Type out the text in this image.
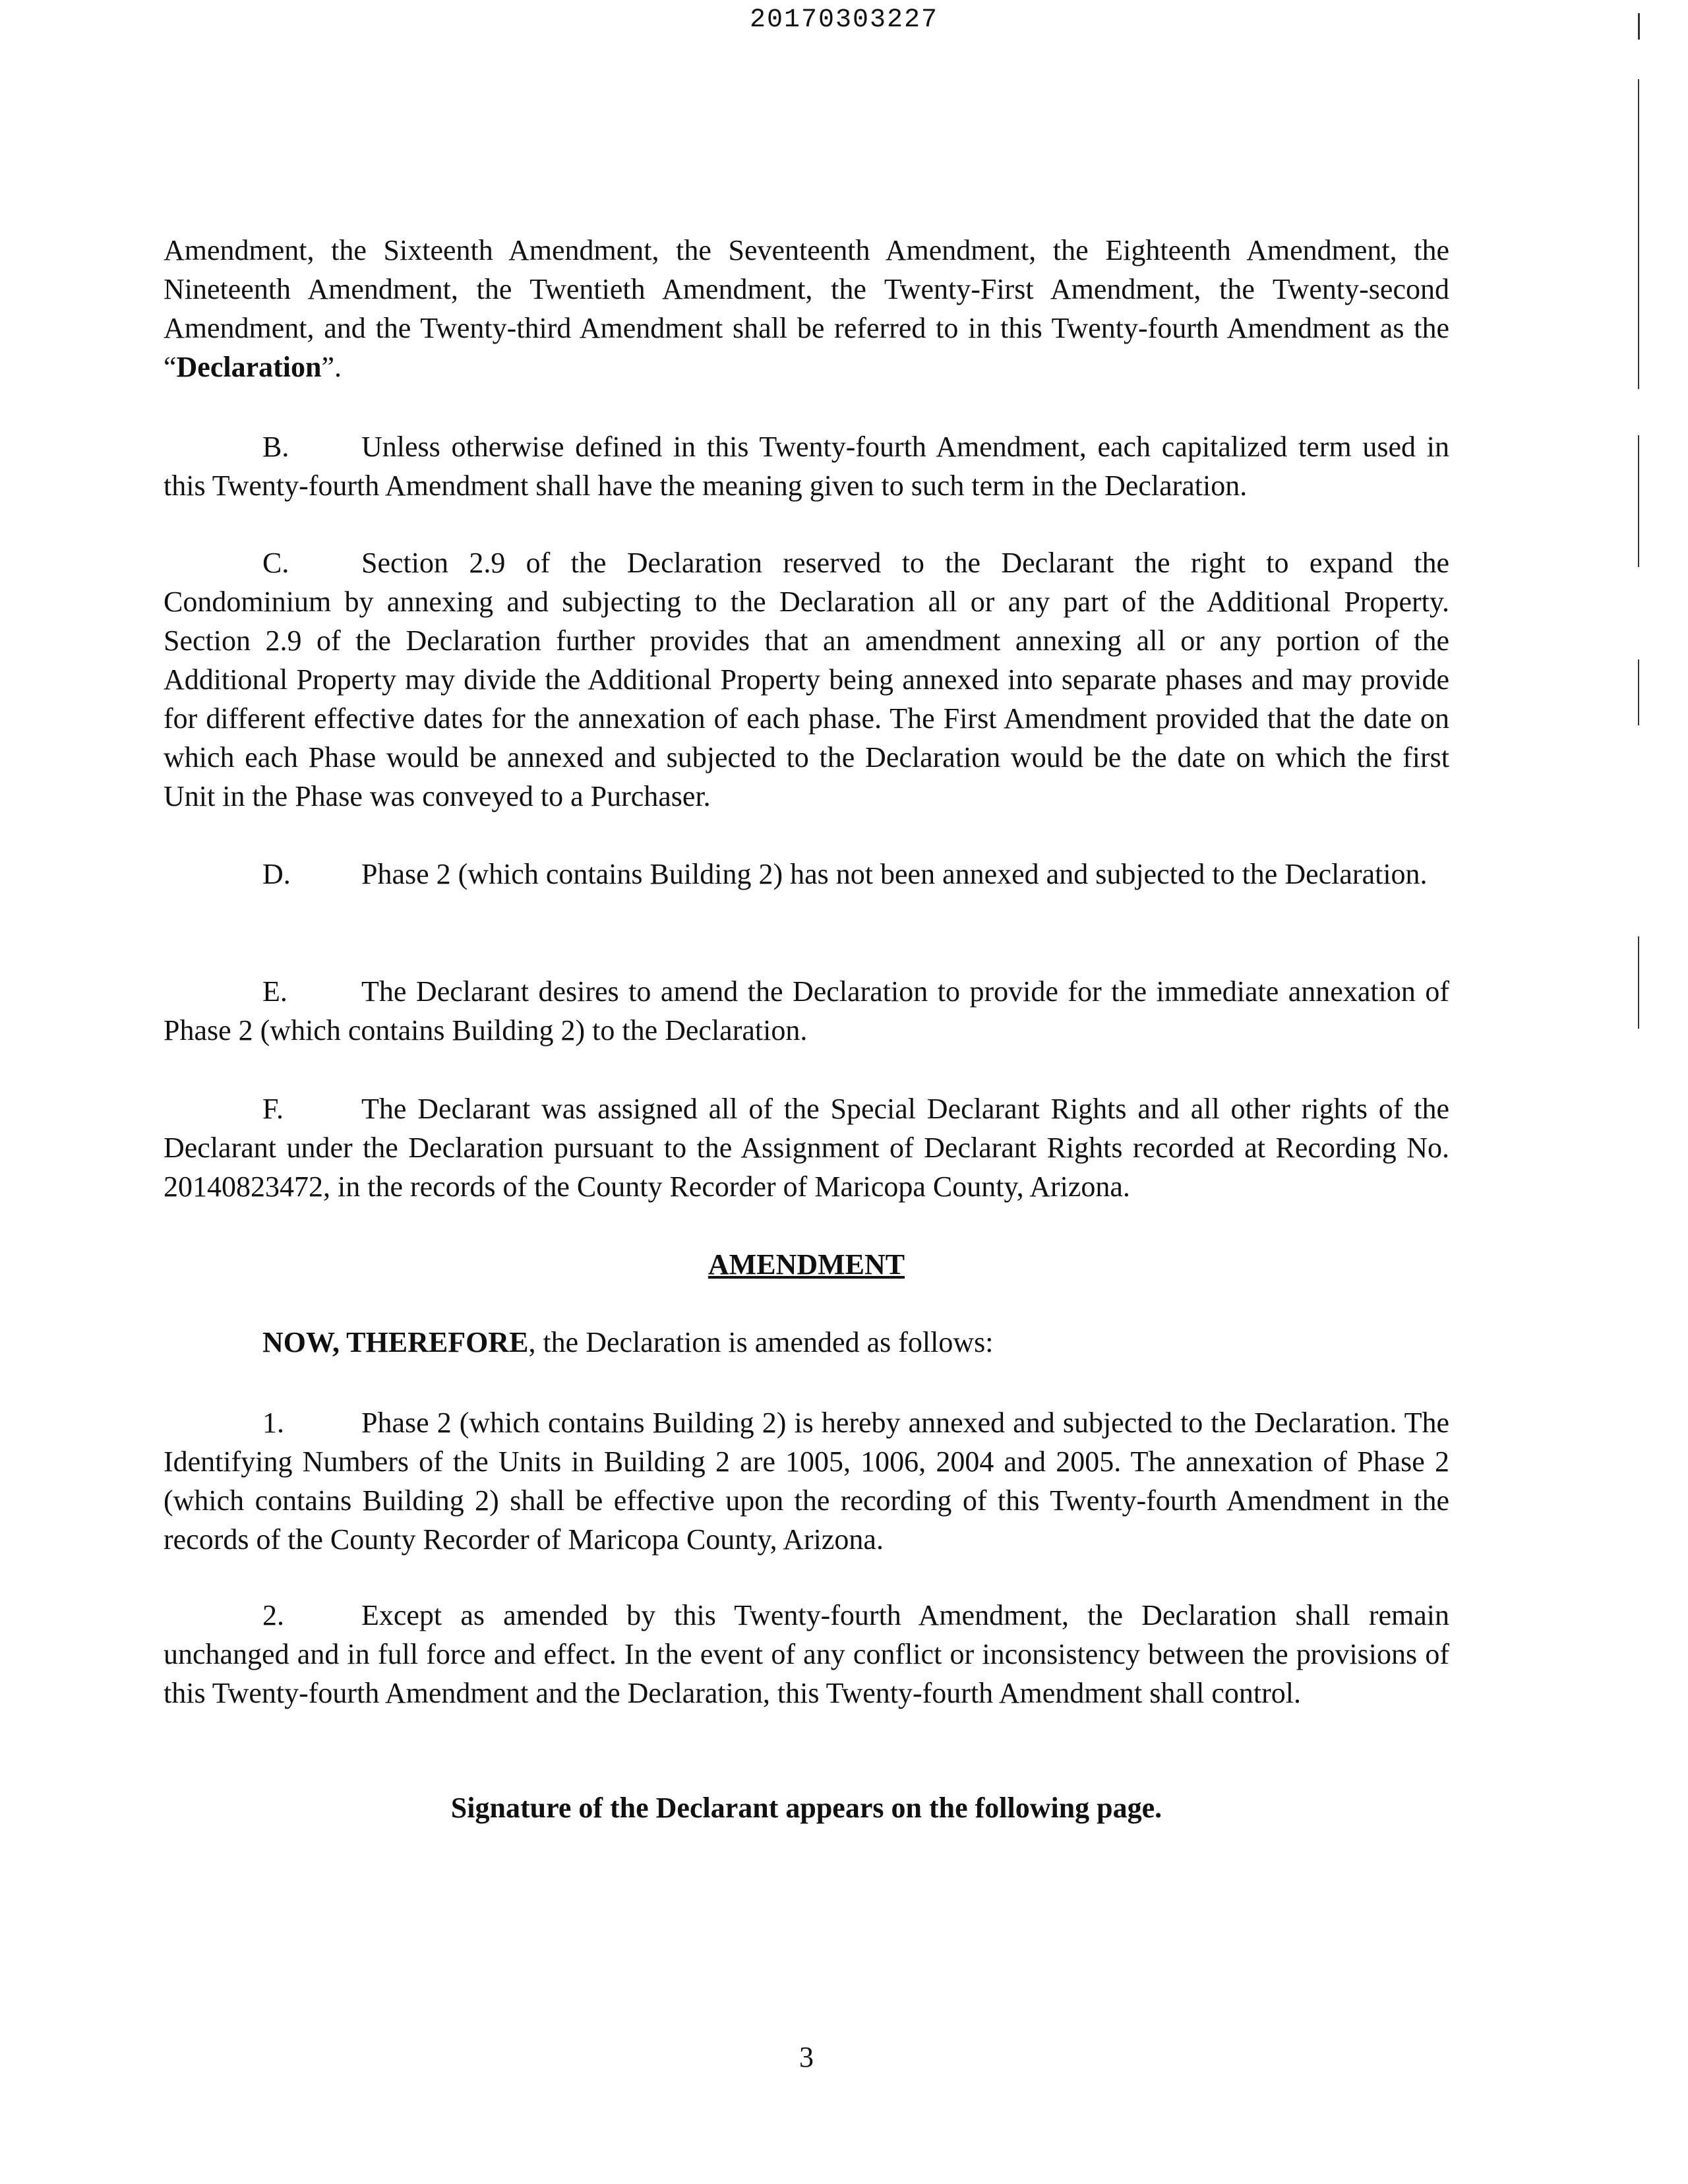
20170303227
Amendment, the Sixteenth Amendment, the Seventeenth Amendment, the Eighteenth Amendment, the Nineteenth Amendment, the Twentieth Amendment, the Twenty-First Amendment, the Twenty-second Amendment, and the Twenty-third Amendment shall be referred to in this Twenty-fourth Amendment as the “Declaration”.
B. Unless otherwise defined in this Twenty-fourth Amendment, each capitalized term used in this Twenty-fourth Amendment shall have the meaning given to such term in the Declaration.
C. Section 2.9 of the Declaration reserved to the Declarant the right to expand the Condominium by annexing and subjecting to the Declaration all or any part of the Additional Property. Section 2.9 of the Declaration further provides that an amendment annexing all or any portion of the Additional Property may divide the Additional Property being annexed into separate phases and may provide for different effective dates for the annexation of each phase. The First Amendment provided that the date on which each Phase would be annexed and subjected to the Declaration would be the date on which the first Unit in the Phase was conveyed to a Purchaser.
D. Phase 2 (which contains Building 2) has not been annexed and subjected to the Declaration.
E.	The Declarant desires to amend the Declaration to provide for the immediate annexation of Phase 2 (which contains Building 2) to the Declaration.
F.	The Declarant was assigned all of the Special Declarant Rights and all other rights of the Declarant under the Declaration pursuant to the Assignment of Declarant Rights recorded at Recording No. 20140823472, in the records of the County Recorder of Maricopa County, Arizona.
AMENDMENT
NOW, THEREFORE, the Declaration is amended as follows:
1.	Phase 2 (which contains Building 2) is hereby annexed and subjected to the Declaration. The Identifying Numbers of the Units in Building 2 are 1005, 1006, 2004 and 2005. The annexation of Phase 2 (which contains Building 2) shall be effective upon the recording of this Twenty-fourth Amendment in the records of the County Recorder of Maricopa County, Arizona.
2.	Except as amended by this Twenty-fourth Amendment, the Declaration shall remain unchanged and in full force and effect. In the event of any conflict or inconsistency between the provisions of this Twenty-fourth Amendment and the Declaration, this Twenty-fourth Amendment shall control.
Signature of the Declarant appears on the following page.
3
